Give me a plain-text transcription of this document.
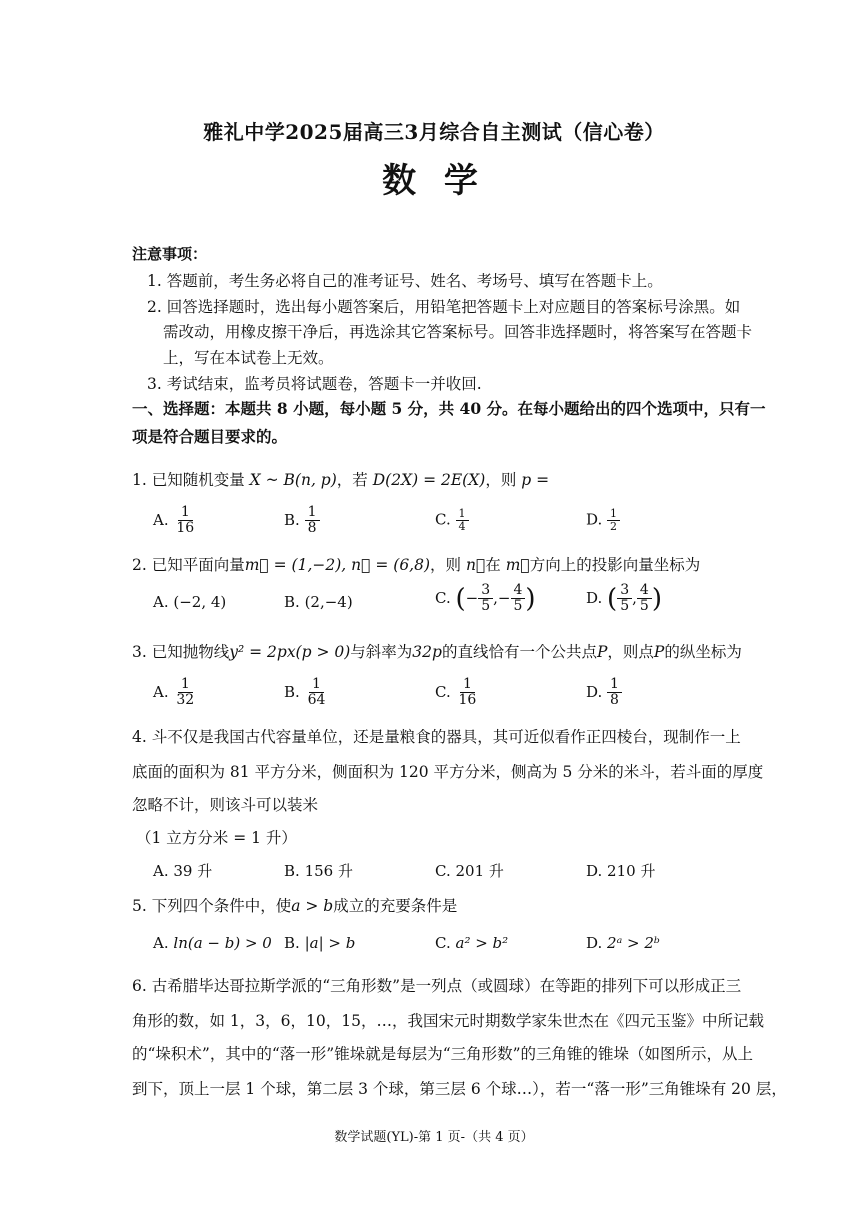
雅礼中学2025届高三3月综合自主测试（信心卷）
数 学
注意事项：
1. 答题前，考生务必将自己的准考证号、姓名、考场号、填写在答题卡上。
2. 回答选择题时，选出每小题答案后，用铅笔把答题卡上对应题目的答案标号涂黑。如
需改动，用橡皮擦干净后，再选涂其它答案标号。回答非选择题时，将答案写在答题卡
上，写在本试卷上无效。
3. 考试结束，监考员将试题卷，答题卡一并收回.
一、选择题：本题共 8 小题，每小题 5 分，共 40 分。在每小题给出的四个选项中，只有一
项是符合题目要求的。
1. 已知随机变量 X ~ B(n, p)，若 D(2X) = 2E(X)，则 p =
A. $\frac{1}{16}$	B. $\frac{1}{8}$	C. $\frac{1}{4}$	D. $\frac{1}{2}$
2. 已知平面向量m⃗ = (1,−2), n⃗ = (6,8)，则 n⃗在 m⃗方向上的投影向量坐标为
A. (−2, 4)	B. (2,−4)	C. (− $\frac{3}{5}$ ,− $\frac{4}{5}$ )	D. ( $\frac{3}{5}$ , $\frac{4}{5}$ )
3. 已知抛物线y² = 2px(p > 0)与斜率为32p的直线恰有一个公共点P，则点P的纵坐标为
A. $\frac{1}{32}$	B. $\frac{1}{64}$	C. $\frac{1}{16}$	D. $\frac{1}{8}$
4. 斗不仅是我国古代容量单位，还是量粮食的器具，其可近似看作正四棱台，现制作一上
底面的面积为 81 平方分米，侧面积为 120 平方分米，侧高为 5 分米的米斗，若斗面的厚度
忽略不计，则该斗可以装米
（1 立方分米 = 1 升）
A. 39 升	B. 156 升	C. 201 升	D. 210 升
5. 下列四个条件中，使a > b成立的充要条件是
A. ln(a − b) > 0 B. |a| > b	C. a² > b²	D. 2ᵃ > 2ᵇ
6. 古希腊毕达哥拉斯学派的“三角形数”是一列点（或圆球）在等距的排列下可以形成正三
角形的数，如 1，3，6，10，15，…，我国宋元时期数学家朱世杰在《四元玉鉴》中所记载
的“垛积术”，其中的“落一形”锥垛就是每层为“三角形数”的三角锥的锥垛（如图所示，从上
到下，顶上一层 1 个球，第二层 3 个球，第三层 6 个球…），若一“落一形”三角锥垛有 20 层，
数学试题(YL)-第 1 页-（共 4 页）
